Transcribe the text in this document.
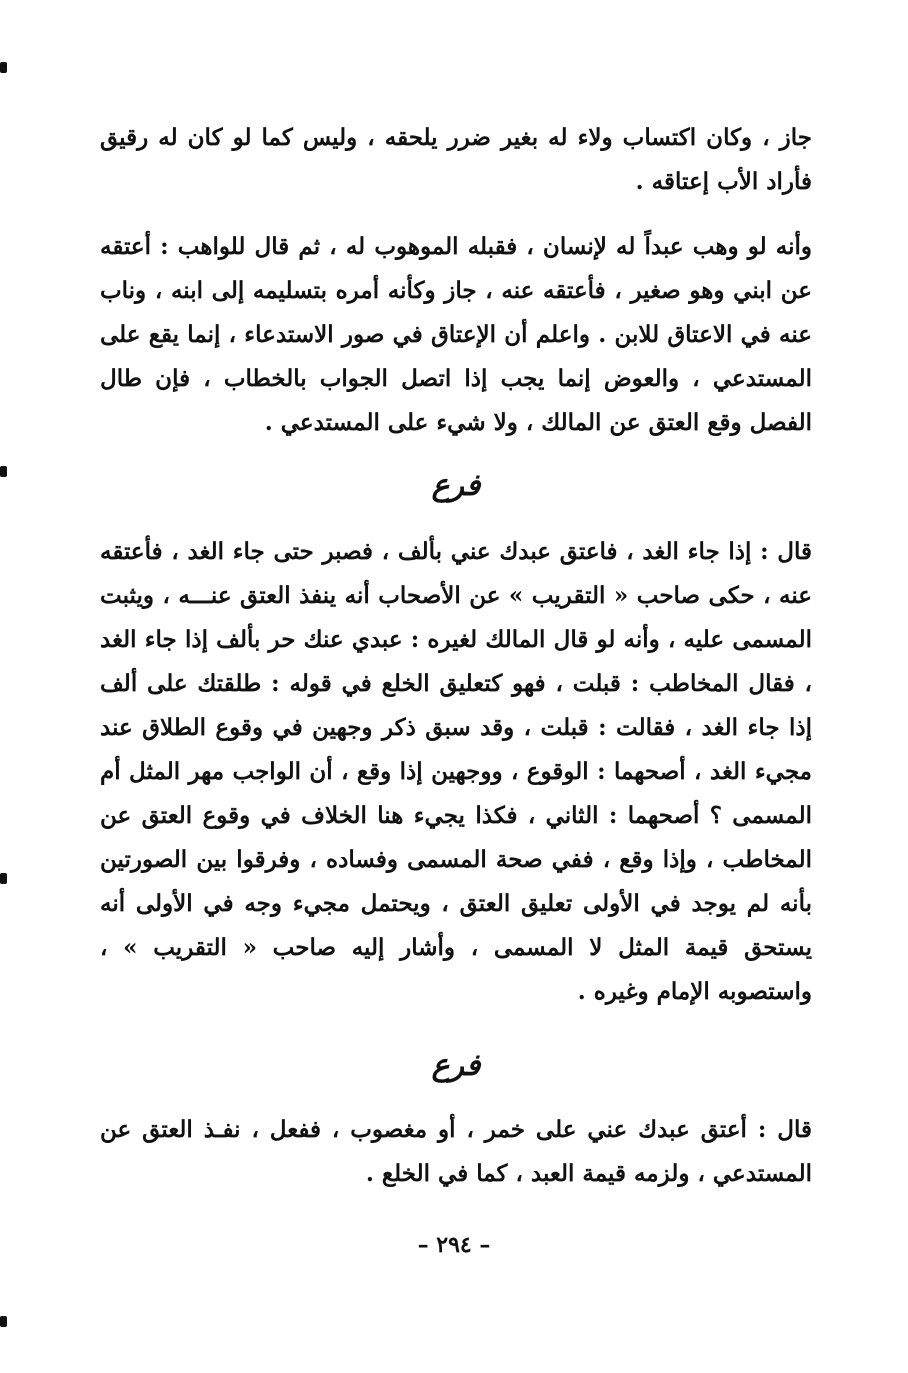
جاز ، وكان اكتساب ولاء له بغير ضرر يلحقه ، وليس كما لو كان له رقيق فأراد الأب إعتاقه .

وأنه لو وهب عبداً له لإنسان ، فقبله الموهوب له ، ثم قال للواهب : أعتقه عن ابني وهو صغير ، فأعتقه عنه ، جاز وكأنه أمره بتسليمه إلى ابنه ، وناب عنه في الاعتاق للابن . واعلم أن الإعتاق في صور الاستدعاء ، إنما يقع على المستدعي ، والعوض إنما يجب إذا اتصل الجواب بالخطاب ، فإن طال الفصل وقع العتق عن المالك ، ولا شيء على المستدعي .

فرع

قال : إذا جاء الغد ، فاعتق عبدك عني بألف ، فصبر حتى جاء الغد ، فأعتقه عنه ، حكى صاحب « التقريب » عن الأصحاب أنه ينفذ العتق عنـــه ، ويثبت المسمى عليه ، وأنه لو قال المالك لغيره : عبدي عنك حر بألف إذا جاء الغد ، فقال المخاطب : قبلت ، فهو كتعليق الخلع في قوله : طلقتك على ألف إذا جاء الغد ، فقالت : قبلت ، وقد سبق ذكر وجهين في وقوع الطلاق عند مجيء الغد ، أصحهما : الوقوع ، ووجهين إذا وقع ، أن الواجب مهر المثل أم المسمى ؟ أصحهما : الثاني ، فكذا يجيء هنا الخلاف في وقوع العتق عن المخاطب ، وإذا وقع ، ففي صحة المسمى وفساده ، وفرقوا بين الصورتين بأنه لم يوجد في الأولى تعليق العتق ، ويحتمل مجيء وجه في الأولى أنه يستحق قيمة المثل لا المسمى ، وأشار إليه صاحب « التقريب » ، واستصوبه الإمام وغيره .

فرع

قال : أعتق عبدك عني على خمر ، أو مغصوب ، ففعل ، نفـذ العتق عن المستدعي ، ولزمه قيمة العبد ، كما في الخلع .

– ٢٩٤ –
